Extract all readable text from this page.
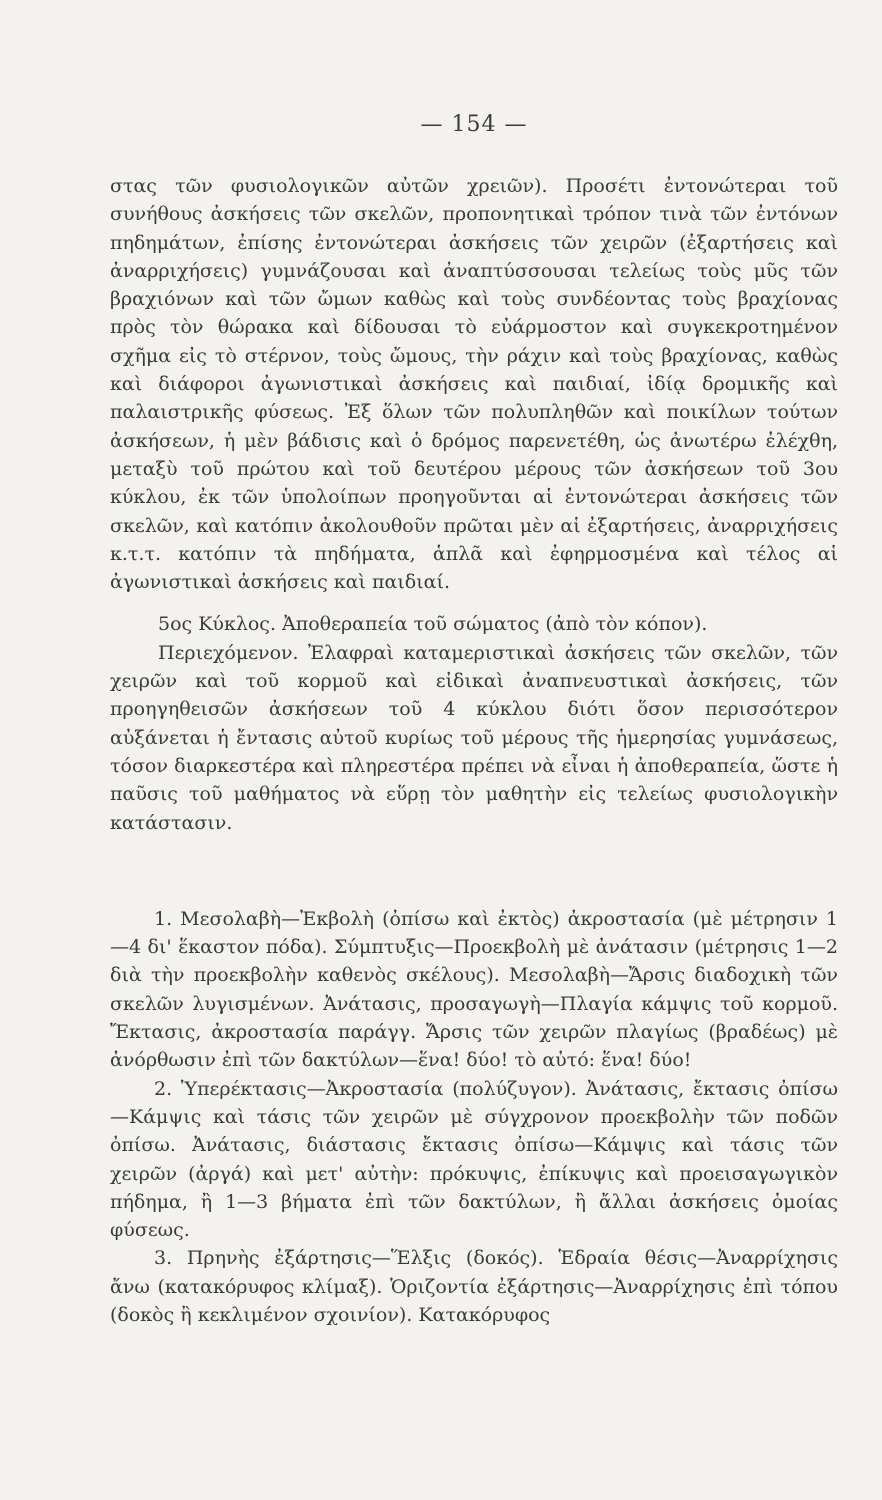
— 154 —

στας τῶν φυσιολογικῶν αὐτῶν χρειῶν). Προσέτι ἐντονώτεραι τοῦ συνήθους ἀσκήσεις τῶν σκελῶν, προπονητικαὶ τρόπον τινὰ τῶν ἐντόνων πηδημάτων, ἐπίσης ἐντονώτεραι ἀσκήσεις τῶν χειρῶν (ἐξαρτήσεις καὶ ἀναρριχήσεις) γυμνάζουσαι καὶ ἀναπτύσσουσαι τελείως τοὺς μῦς τῶν βραχιόνων καὶ τῶν ὤμων καθὼς καὶ τοὺς συνδέοντας τοὺς βραχίονας πρὸς τὸν θώρακα καὶ δίδουσαι τὸ εὐάρμοστον καὶ συγκεκροτημένον σχῆμα εἰς τὸ στέρνον, τοὺς ὤμους, τὴν ράχιν καὶ τοὺς βραχίονας, καθὼς καὶ διάφοροι ἀγωνιστικαὶ ἀσκήσεις καὶ παιδιαί, ἰδίᾳ δρομικῆς καὶ παλαιστρικῆς φύσεως. Ἐξ ὅλων τῶν πολυπληθῶν καὶ ποικίλων τούτων ἀσκήσεων, ἡ μὲν βάδισις καὶ ὁ δρόμος παρενετέθη, ὡς ἀνωτέρω ἐλέχθη, μεταξὺ τοῦ πρώτου καὶ τοῦ δευτέρου μέρους τῶν ἀσκήσεων τοῦ 3ου κύκλου, ἐκ τῶν ὑπολοίπων προηγοῦνται αἱ ἐντονώτεραι ἀσκήσεις τῶν σκελῶν, καὶ κατόπιν ἀκολουθοῦν πρῶται μὲν αἱ ἐξαρτήσεις, ἀναρριχήσεις κ.τ.τ. κατόπιν τὰ πηδήματα, ἁπλᾶ καὶ ἐφηρμοσμένα καὶ τέλος αἱ ἀγωνιστικαὶ ἀσκήσεις καὶ παιδιαί.

5ος Κύκλος. Ἀποθεραπεία τοῦ σώματος (ἀπὸ τὸν κόπον).

Περιεχόμενον. Ἐλαφραὶ καταμεριστικαὶ ἀσκήσεις τῶν σκελῶν, τῶν χειρῶν καὶ τοῦ κορμοῦ καὶ εἰδικαὶ ἀναπνευστικαὶ ἀσκήσεις, τῶν προηγηθεισῶν ἀσκήσεων τοῦ 4 κύκλου διότι ὅσον περισσότερον αὐξάνεται ἡ ἔντασις αὐτοῦ κυρίως τοῦ μέρους τῆς ἡμερησίας γυμνάσεως, τόσον διαρκεστέρα καὶ πληρεστέρα πρέπει νὰ εἶναι ἡ ἀποθεραπεία, ὥστε ἡ παῦσις τοῦ μαθήματος νὰ εὕρῃ τὸν μαθητὴν εἰς τελείως φυσιολογικὴν κατάστασιν.

1. Μεσολαβὴ—Ἐκβολὴ (ὀπίσω καὶ ἐκτὸς) ἀκροστασία (μὲ μέτρησιν 1—4 δι' ἕκαστον πόδα). Σύμπτυξις—Προεκβολὴ μὲ ἀνάτασιν (μέτρησις 1—2 διὰ τὴν προεκβολὴν καθενὸς σκέλους). Μεσολαβὴ—Ἄρσις διαδοχικὴ τῶν σκελῶν λυγισμένων. Ἀνάτασις, προσαγωγὴ—Πλαγία κάμψις τοῦ κορμοῦ. Ἔκτασις, ἀκροστασία παράγγ. Ἄρσις τῶν χειρῶν πλαγίως (βραδέως) μὲ ἀνόρθωσιν ἐπὶ τῶν δακτύλων—ἕνα! δύο! τὸ αὐτό: ἕνα! δύο!

2. Ὑπερέκτασις—Ἀκροστασία (πολύζυγον). Ἀνάτασις, ἔκτασις ὀπίσω—Κάμψις καὶ τάσις τῶν χειρῶν μὲ σύγχρονον προεκβολὴν τῶν ποδῶν ὀπίσω. Ἀνάτασις, διάστασις ἔκτασις ὀπίσω—Κάμψις καὶ τάσις τῶν χειρῶν (ἀργά) καὶ μετ' αὐτὴν: πρόκυψις, ἐπίκυψις καὶ προεισαγωγικὸν πήδημα, ἢ 1—3 βήματα ἐπὶ τῶν δακτύλων, ἢ ἄλλαι ἀσκήσεις ὁμοίας φύσεως.

3. Πρηνὴς ἐξάρτησις—Ἕλξις (δοκός). Ἑδραία θέσις—Ἀναρρίχησις ἄνω (κατακόρυφος κλίμαξ). Ὁριζοντία ἐξάρτησις—Ἀναρρίχησις ἐπὶ τόπου (δοκὸς ἢ κεκλιμένον σχοινίον). Κατακόρυφος
